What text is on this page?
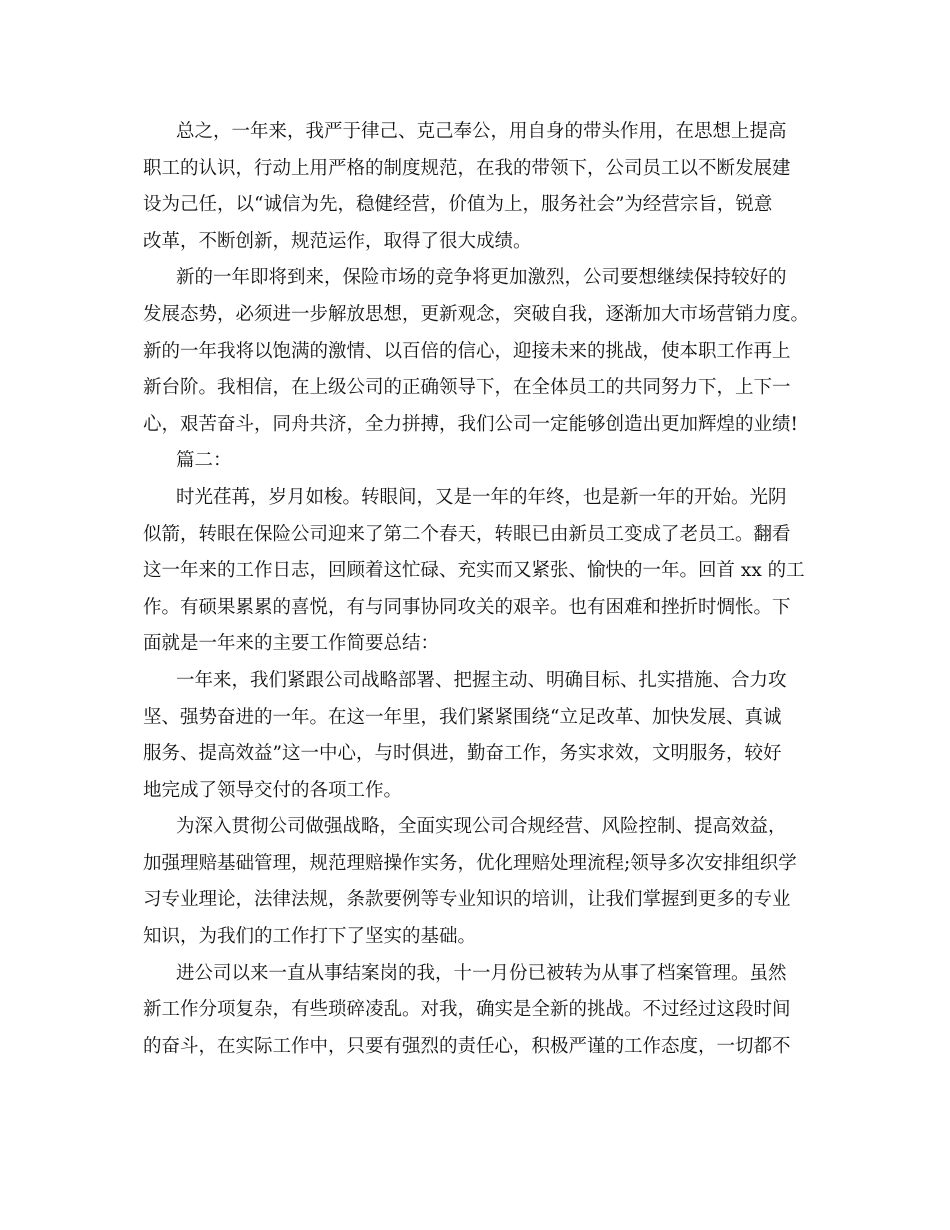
总之，一年来，我严于律己、克己奉公，用自身的带头作用，在思想上提高
职工的认识，行动上用严格的制度规范，在我的带领下，公司员工以不断发展建
设为己任，以“诚信为先，稳健经营，价值为上，服务社会”为经营宗旨，锐意
改革，不断创新，规范运作，取得了很大成绩。
新的一年即将到来，保险市场的竞争将更加激烈，公司要想继续保持较好的
发展态势，必须进一步解放思想，更新观念，突破自我，逐渐加大市场营销力度。
新的一年我将以饱满的激情、以百倍的信心，迎接未来的挑战，使本职工作再上
新台阶。我相信，在上级公司的正确领导下，在全体员工的共同努力下，上下一
心，艰苦奋斗，同舟共济，全力拼搏，我们公司一定能够创造出更加辉煌的业绩!
篇二：
时光荏苒，岁月如梭。转眼间，又是一年的年终，也是新一年的开始。光阴
似箭，转眼在保险公司迎来了第二个春天，转眼已由新员工变成了老员工。翻看
这一年来的工作日志，回顾着这忙碌、充实而又紧张、愉快的一年。回首 xx 的工
作。有硕果累累的喜悦，有与同事协同攻关的艰辛。也有困难和挫折时惆怅。下
面就是一年来的主要工作简要总结：
一年来，我们紧跟公司战略部署、把握主动、明确目标、扎实措施、合力攻
坚、强势奋进的一年。在这一年里，我们紧紧围绕“立足改革、加快发展、真诚
服务、提高效益”这一中心，与时俱进，勤奋工作，务实求效，文明服务，较好
地完成了领导交付的各项工作。
为深入贯彻公司做强战略，全面实现公司合规经营、风险控制、提高效益，
加强理赔基础管理，规范理赔操作实务，优化理赔处理流程;领导多次安排组织学
习专业理论，法律法规，条款要例等专业知识的培训，让我们掌握到更多的专业
知识，为我们的工作打下了坚实的基础。
进公司以来一直从事结案岗的我，十一月份已被转为从事了档案管理。虽然
新工作分项复杂，有些琐碎凌乱。对我，确实是全新的挑战。不过经过这段时间
的奋斗，在实际工作中，只要有强烈的责任心，积极严谨的工作态度，一切都不
